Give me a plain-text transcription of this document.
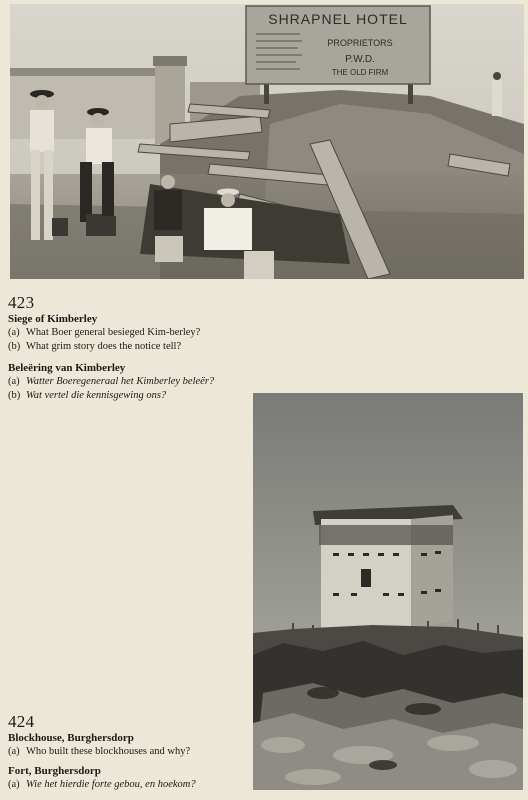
SHRAPNEL HOTEL
PROPRIETORS
P.W.D.
THE OLD FIRM
423
Siege of Kimberley
(a) What Boer general besieged Kim-berley?
(b) What grim story does the notice tell?
Beleëring van Kimberley
(a) Watter Boeregeneraal het Kimberley beleër?
(b) Wat vertel die kennisgewing ons?
424
Blockhouse, Burghersdorp
(a) Who built these blockhouses and why?
Fort, Burghersdorp
(a) Wie het hierdie forte gebou, en hoekom?
